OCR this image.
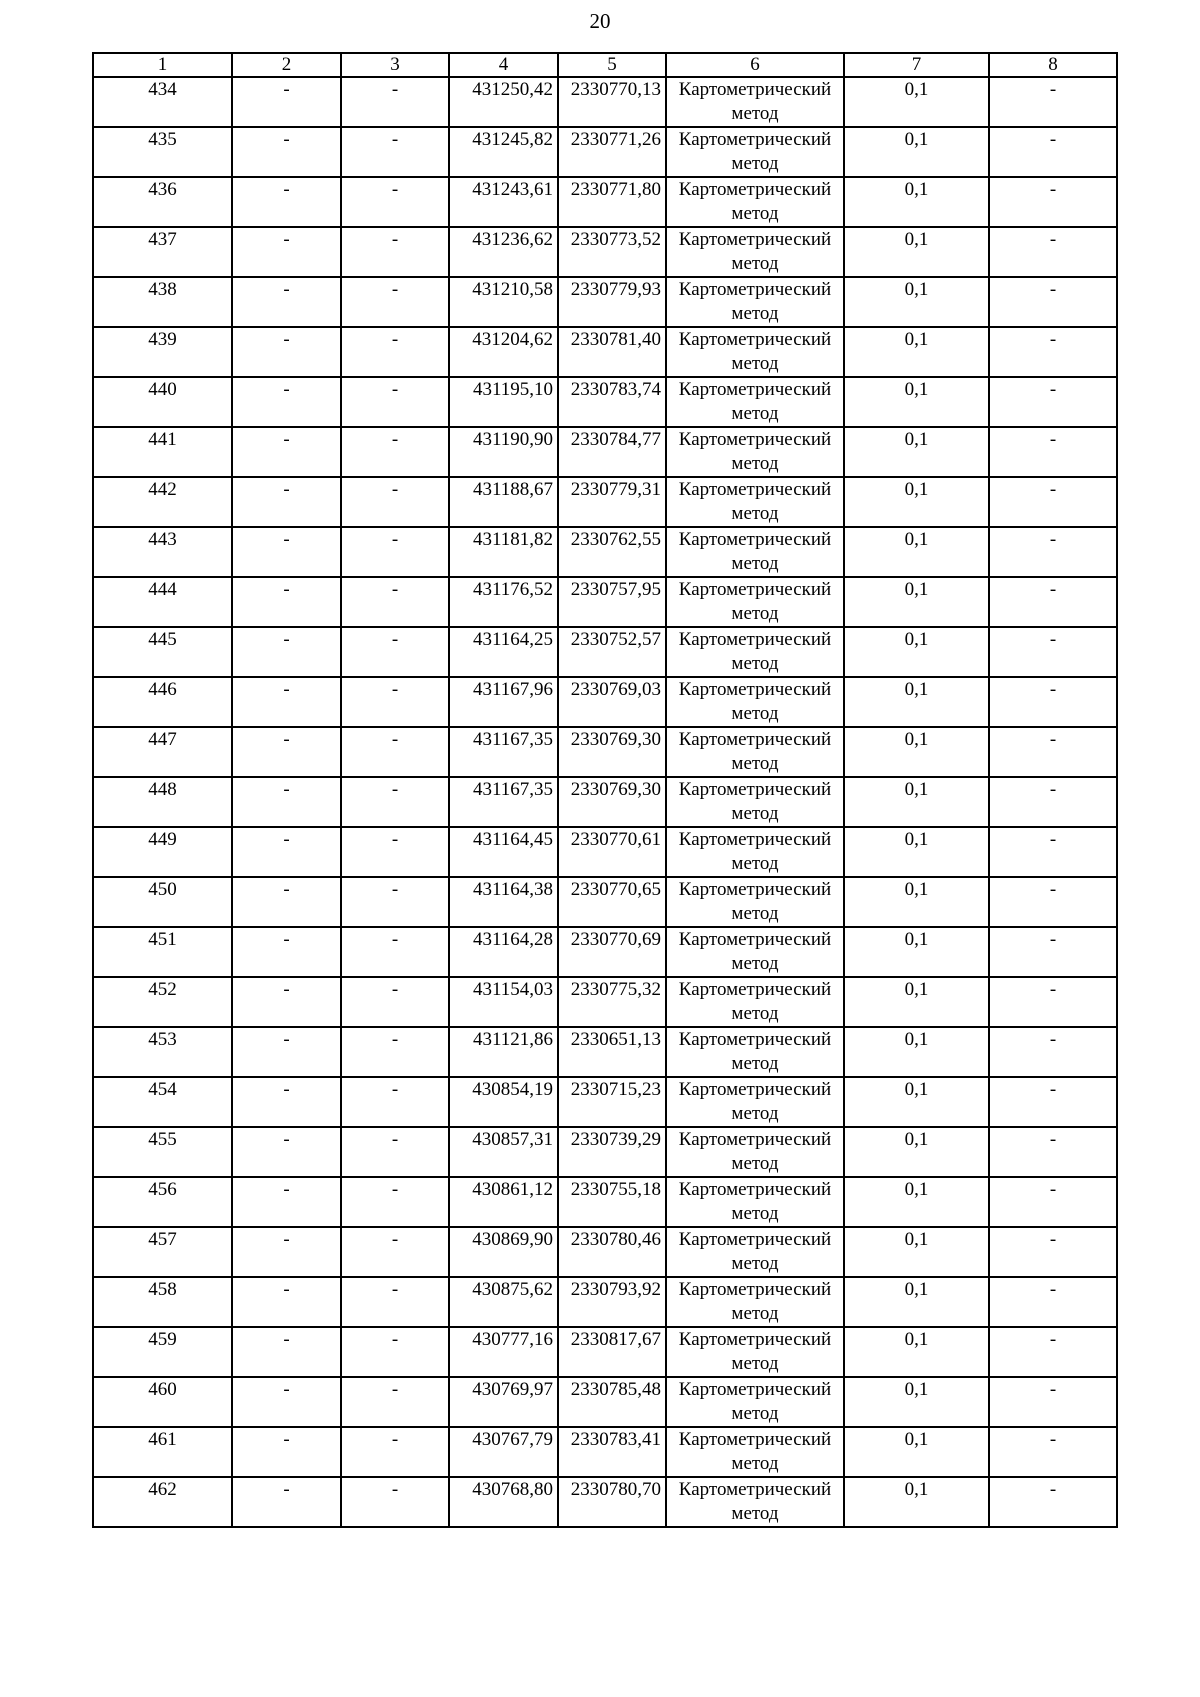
20
1	2	3	4	5	6	7	8
434	-	-	431250,42	2330770,13	Картометрический метод	0,1	-
435	-	-	431245,82	2330771,26	Картометрический метод	0,1	-
436	-	-	431243,61	2330771,80	Картометрический метод	0,1	-
437	-	-	431236,62	2330773,52	Картометрический метод	0,1	-
438	-	-	431210,58	2330779,93	Картометрический метод	0,1	-
439	-	-	431204,62	2330781,40	Картометрический метод	0,1	-
440	-	-	431195,10	2330783,74	Картометрический метод	0,1	-
441	-	-	431190,90	2330784,77	Картометрический метод	0,1	-
442	-	-	431188,67	2330779,31	Картометрический метод	0,1	-
443	-	-	431181,82	2330762,55	Картометрический метод	0,1	-
444	-	-	431176,52	2330757,95	Картометрический метод	0,1	-
445	-	-	431164,25	2330752,57	Картометрический метод	0,1	-
446	-	-	431167,96	2330769,03	Картометрический метод	0,1	-
447	-	-	431167,35	2330769,30	Картометрический метод	0,1	-
448	-	-	431167,35	2330769,30	Картометрический метод	0,1	-
449	-	-	431164,45	2330770,61	Картометрический метод	0,1	-
450	-	-	431164,38	2330770,65	Картометрический метод	0,1	-
451	-	-	431164,28	2330770,69	Картометрический метод	0,1	-
452	-	-	431154,03	2330775,32	Картометрический метод	0,1	-
453	-	-	431121,86	2330651,13	Картометрический метод	0,1	-
454	-	-	430854,19	2330715,23	Картометрический метод	0,1	-
455	-	-	430857,31	2330739,29	Картометрический метод	0,1	-
456	-	-	430861,12	2330755,18	Картометрический метод	0,1	-
457	-	-	430869,90	2330780,46	Картометрический метод	0,1	-
458	-	-	430875,62	2330793,92	Картометрический метод	0,1	-
459	-	-	430777,16	2330817,67	Картометрический метод	0,1	-
460	-	-	430769,97	2330785,48	Картометрический метод	0,1	-
461	-	-	430767,79	2330783,41	Картометрический метод	0,1	-
462	-	-	430768,80	2330780,70	Картометрический метод	0,1	-
